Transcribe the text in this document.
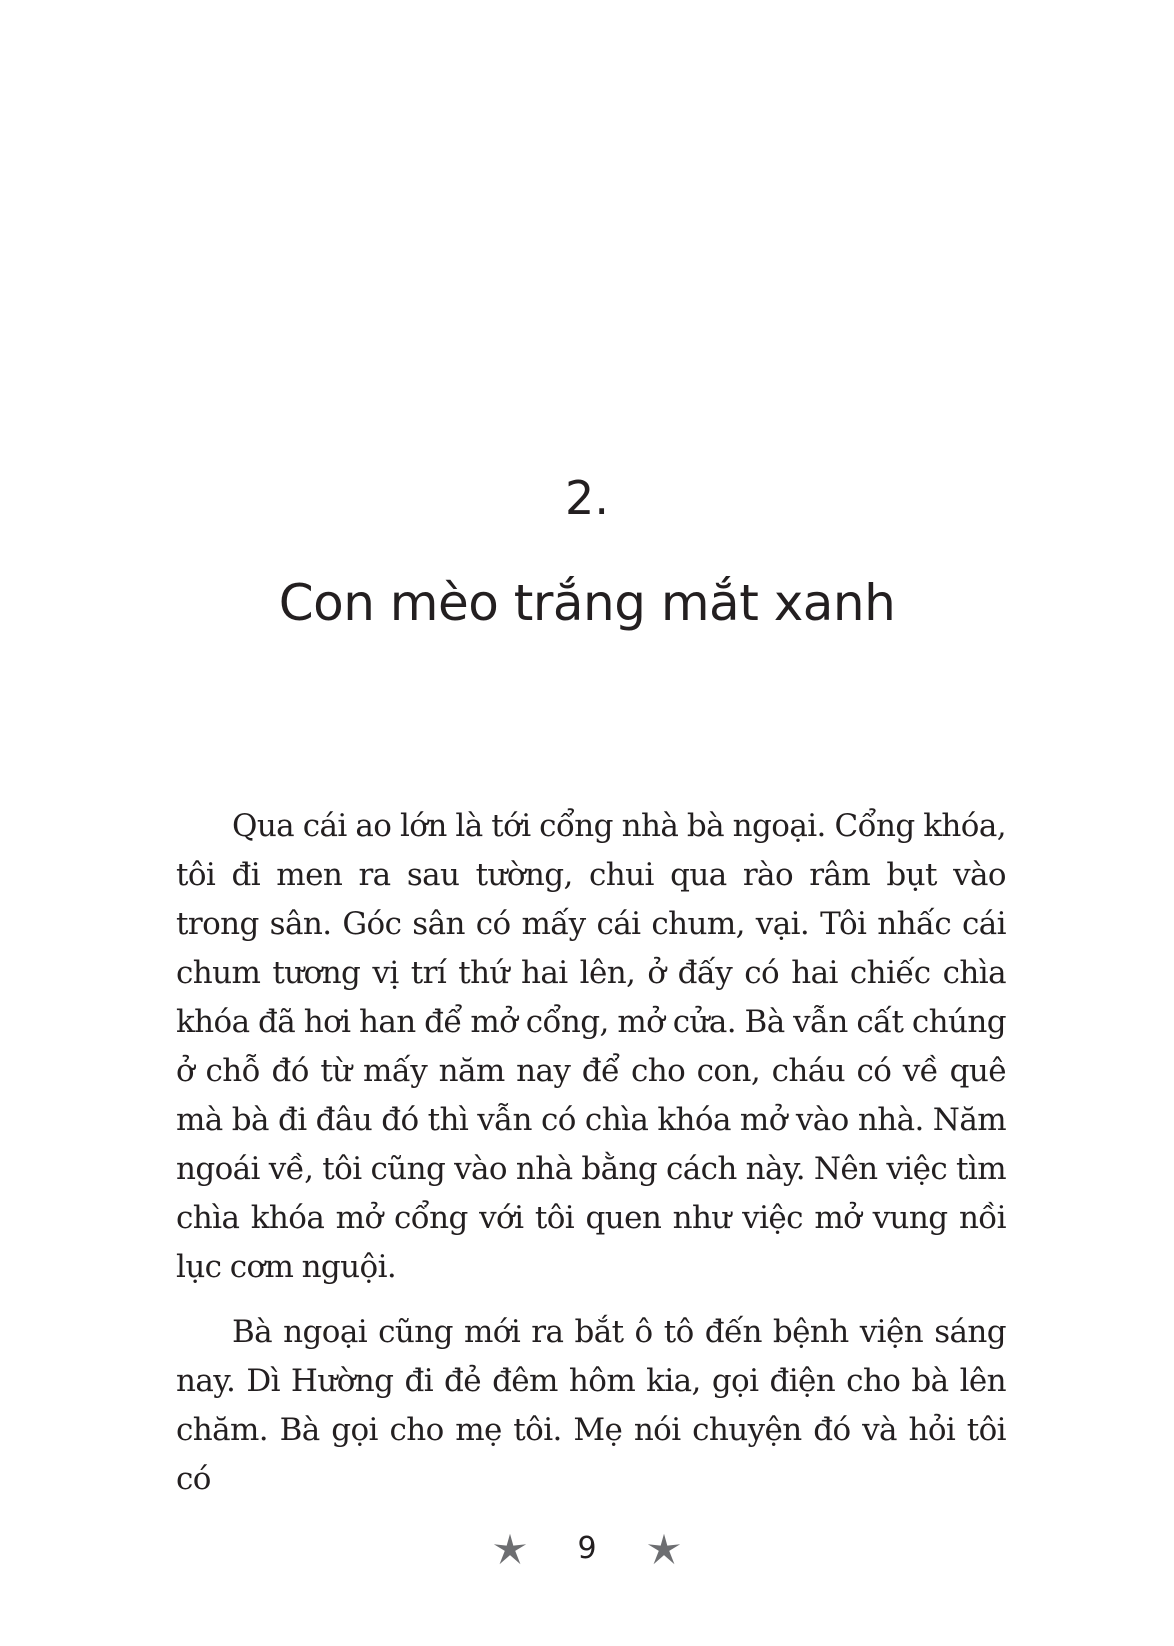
2.
Con mèo trắng mắt xanh

Qua cái ao lớn là tới cổng nhà bà ngoại. Cổng khóa, tôi đi men ra sau tường, chui qua rào râm bụt vào trong sân. Góc sân có mấy cái chum, vại. Tôi nhấc cái chum tương vị trí thứ hai lên, ở đấy có hai chiếc chìa khóa đã hơi han để mở cổng, mở cửa. Bà vẫn cất chúng ở chỗ đó từ mấy năm nay để cho con, cháu có về quê mà bà đi đâu đó thì vẫn có chìa khóa mở vào nhà. Năm ngoái về, tôi cũng vào nhà bằng cách này. Nên việc tìm chìa khóa mở cổng với tôi quen như việc mở vung nồi lục cơm nguội.

Bà ngoại cũng mới ra bắt ô tô đến bệnh viện sáng nay. Dì Hường đi đẻ đêm hôm kia, gọi điện cho bà lên chăm. Bà gọi cho mẹ tôi. Mẹ nói chuyện đó và hỏi tôi có

9
